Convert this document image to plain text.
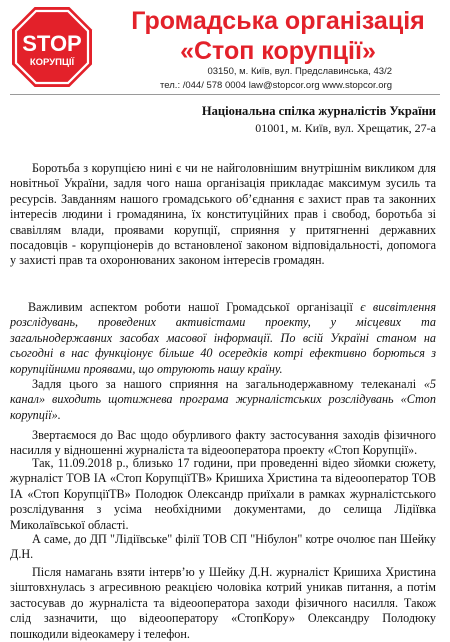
STOP
КОРУПЦІЇ
Громадська організація
«Стоп корупції»
03150, м. Київ, вул. Предславинська, 43/2
тел.: /044/ 578 0004 law@stopcor.org www.stopcor.org
Національна спілка журналістів України
01001, м. Київ, вул. Хрещатик, 27-а
Боротьба з корупцією нині є чи не найголовнішим внутрішнім викликом для новітньої України, задля чого наша організація прикладає максимум зусиль та ресурсів. Завданням нашого громадського об’єднання є захист прав та законних інтересів людини і громадянина, їх конституційних прав і свобод, боротьба зі свавіллям влади, проявами корупції, сприяння у притягненні державних посадовців - корупціонерів до встановленої законом відповідальності, допомога у захисті прав та охоронюваних законом інтересів громадян.
Важливим аспектом роботи нашої Громадської організації є висвітлення розслідувань, проведених активістами проекту, у місцевих та загальнодержавних засобах масової інформації. По всій Україні станом на сьогодні в нас функціонує більше 40 осередків котрі ефективно борються з корупційними проявами, що отруюють нашу країну.
Задля цього за нашого сприяння на загальнодержавному телеканалі «5 канал» виходить щотижнева програма журналістських розслідувань «Стоп корупції».
Звертаємося до Вас щодо обурливого факту застосування заходів фізичного насилля у відношенні журналіста та відеооператора проекту «Стоп Корупції».
Так, 11.09.2018 р., близько 17 години, при проведенні відео зйомки сюжету, журналіст ТОВ ІА «Стоп КорупціїТВ» Кришиха Христина та відеооператор ТОВ ІА «Стоп КорупціїТВ» Полодюк Олександр приїхали в рамках журналістського розслідування з усіма необхідними документами, до селища Лідіївка Миколаївської області.
А саме, до ДП "Лідіївське" філії ТОВ СП "Нібулон" котре очолює пан Шейку Д.Н.
Після намагань взяти інтерв’ю у Шейку Д.Н. журналіст Кришиха Христина зіштовхнулась з агресивною реакцією чоловіка котрий уникав питання, а потім застосував до журналіста та відеооператора заходи фізичного насилля. Також слід зазначити, що відеооператору «СтопКору» Олександру Полодюку пошкодили відеокамеру і телефон.
